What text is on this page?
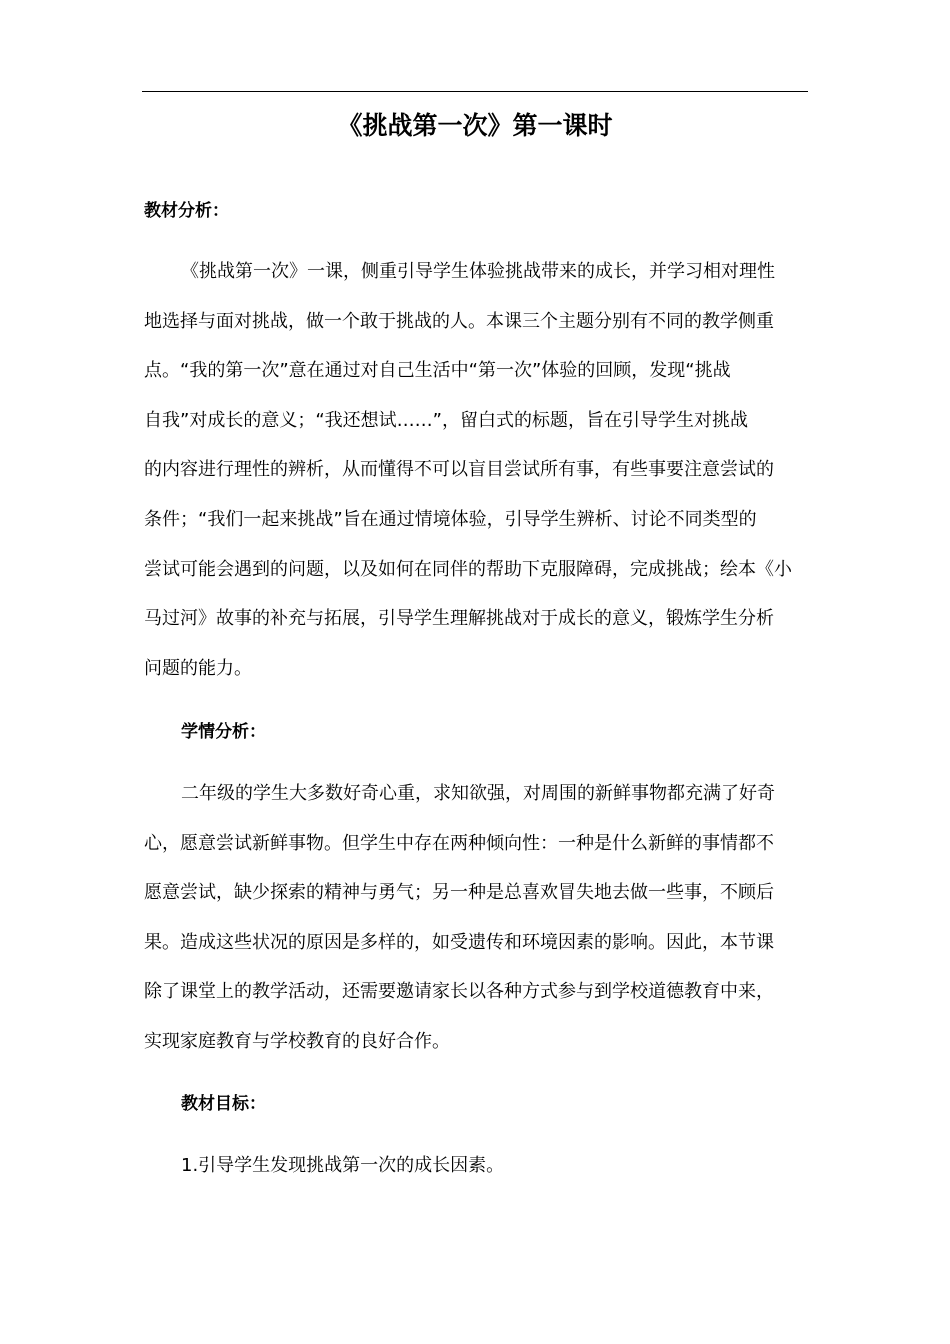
《挑战第一次》第一课时
教材分析：
《挑战第一次》一课，侧重引导学生体验挑战带来的成长，并学习相对理性
地选择与面对挑战，做一个敢于挑战的人。本课三个主题分别有不同的教学侧重
点。“我的第一次”意在通过对自己生活中“第一次”体验的回顾，发现“挑战
自我”对成长的意义；“我还想试……”，留白式的标题，旨在引导学生对挑战
的内容进行理性的辨析，从而懂得不可以盲目尝试所有事，有些事要注意尝试的
条件；“我们一起来挑战”旨在通过情境体验，引导学生辨析、讨论不同类型的
尝试可能会遇到的问题，以及如何在同伴的帮助下克服障碍，完成挑战；绘本《小
马过河》故事的补充与拓展，引导学生理解挑战对于成长的意义，锻炼学生分析
问题的能力。
学情分析：
二年级的学生大多数好奇心重，求知欲强，对周围的新鲜事物都充满了好奇
心，愿意尝试新鲜事物。但学生中存在两种倾向性：一种是什么新鲜的事情都不
愿意尝试，缺少探索的精神与勇气；另一种是总喜欢冒失地去做一些事，不顾后
果。造成这些状况的原因是多样的，如受遗传和环境因素的影响。因此，本节课
除了课堂上的教学活动，还需要邀请家长以各种方式参与到学校道德教育中来，
实现家庭教育与学校教育的良好合作。
教材目标：
1.引导学生发现挑战第一次的成长因素。
